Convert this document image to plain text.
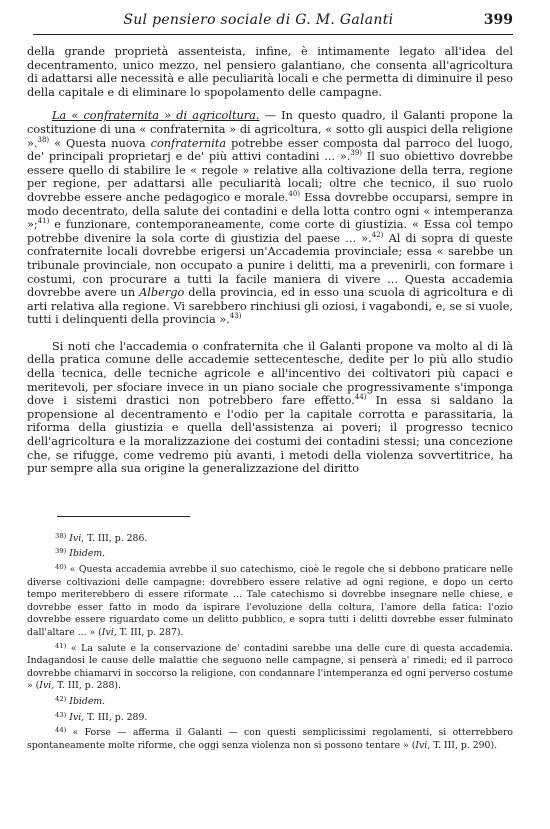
Sul pensiero sociale di G. M. Galanti	399

della grande proprietà assenteista, infine, è intimamente legato all'idea del decentramento, unico mezzo, nel pensiero galantiano, che consenta all'agricoltura di adattarsi alle necessità e alle peculiarità locali e che permetta di diminuire il peso della capitale e di eliminare lo spopolamento delle campagne.

La « confraternita » di agricoltura. — In questo quadro, il Galanti propone la costituzione di una « confraternita » di agricoltura, « sotto gli auspici della religione ».$^{38)}$ « Questa nuova confraternita potrebbe esser composta dal parroco del luogo, de' principali proprietarj e de' più attivi contadini ... ».$^{39)}$ Il suo obiettivo dovrebbe essere quello di stabilire le « regole » relative alla coltivazione della terra, regione per regione, per adattarsi alle peculiarità locali; oltre che tecnico, il suo ruolo dovrebbe essere anche pedagogico e morale.$^{40)}$ Essa dovrebbe occuparsi, sempre in modo decentrato, della salute dei contadini e della lotta contro ogni « intemperanza »;$^{41)}$ e funzionare, contemporaneamente, come corte di giustizia. « Essa col tempo potrebbe divenire la sola corte di giustizia del paese ... ».$^{42)}$ Al di sopra di queste confraternite locali dovrebbe erigersi un'Accademia provinciale; essa « sarebbe un tribunale provinciale, non occupato a punire i delitti, ma a prevenirli, con formare i costumi, con procurare a tutti la facile maniera di vivere ... Questa accademia dovrebbe avere un Albergo della provincia, ed in esso una scuola di agricoltura e di arti relativa alla regione. Vi sarebbero rinchiusi gli oziosi, i vagabondi, e, se si vuole, tutti i delinquenti della provincia ».$^{43)}$

Si noti che l'accademia o confraternita che il Galanti propone va molto al di là della pratica comune delle accademie settecentesche, dedite per lo più allo studio della tecnica, delle tecniche agricole e all'incentivo dei coltivatori più capaci e meritevoli, per sfociare invece in un piano sociale che progressivamente s'imponga dove i sistemi drastici non potrebbero fare effetto.$^{44)}$ In essa si saldano la propensione al decentramento e l'odio per la capitale corrotta e parassitaria, la riforma della giustizia e quella dell'assistenza ai poveri; il progresso tecnico dell'agricoltura e la moralizzazione dei costumi dei contadini stessi; una concezione che, se rifugge, come vedremo più avanti, i metodi della violenza sovvertitrice, ha pur sempre alla sua origine la generalizzazione del diritto

$^{38)}$ Ivi, T. III, p. 286.

$^{39)}$ Ibidem.

$^{40)}$ « Questa accademia avrebbe il suo catechismo, cioè le regole che si debbono praticare nelle diverse coltivazioni delle campagne: dovrebbero essere relative ad ogni regione, e dopo un certo tempo meriterebbero di essere riformate ... Tale catechismo si dovrebbe insegnare nelle chiese, e dovrebbe esser fatto in modo da ispirare l'evoluzione della coltura, l'amore della fatica: l'ozio dovrebbe essere riguardato come un delitto pubblico, e sopra tutti i delitti dovrebbe esser fulminato dall'altare ... » (Ivi, T. III, p. 287).

$^{41)}$ « La salute e la conservazione de' contadini sarebbe una delle cure di questa accademia. Indagandosi le cause delle malattie che seguono nelle campagne, si penserà a' rimedi; ed il parroco dovrebbe chiamarvi in soccorso la religione, con condannare l'intemperanza ed ogni perverso costume » (Ivi, T. III, p. 288).

$^{42)}$ Ibidem.

$^{43)}$ Ivi, T. III, p. 289.

$^{44)}$ « Forse — afferma il Galanti — con questi semplicissimi regolamenti, si otterrebbero spontaneamente molte riforme, che oggi senza violenza non si possono tentare » (Ivi, T. III, p. 290).
